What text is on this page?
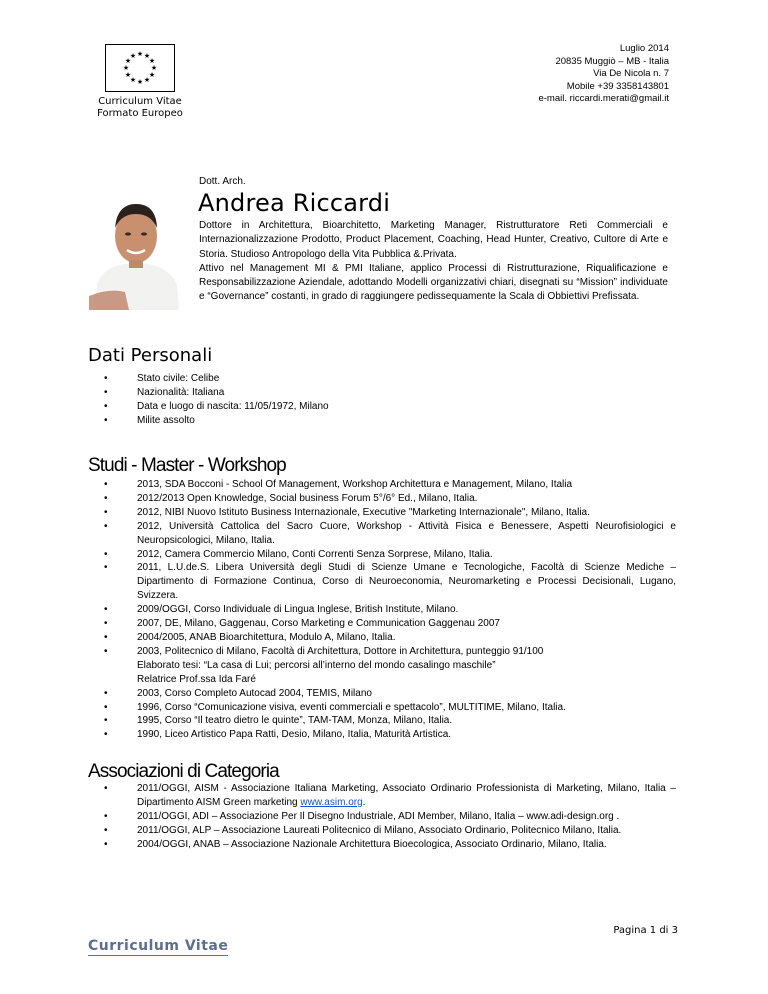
★ ★
★
★
★
★
★
★
★
★
★
★
Curriculum Vitae
Formato Europeo
Luglio 2014
20835 Muggiò – MB - Italia
Via De Nicola n. 7
Mobile +39 3358143801
e-mail. riccardi.merati@gmail.it
Dott. Arch.
Andrea Riccardi

Dottore in Architettura, Bioarchitetto, Marketing Manager, Ristrutturatore Reti Commerciali e Internazionalizzazione Prodotto, Product Placement, Coaching, Head Hunter, Creativo, Cultore di Arte e Storia. Studioso Antropologo della Vita Pubblica &.Privata.

Attivo nel Management MI & PMI Italiane, applico Processi di Ristrutturazione, Riqualificazione e Responsabilizzazione Aziendale, adottando Modelli organizzativi chiari, disegnati su “Mission” individuate e “Governance” costanti, in grado di raggiungere pedissequamente la Scala di Obbiettivi Prefissata.

Dati Personali
• Stato civile: Celibe
• Nazionalità: Italiana
• Data e luogo di nascita: 11/05/1972, Milano
• Milite assolto
Studi - Master - Workshop
• 2013, SDA Bocconi - School Of Management, Workshop Architettura e Management, Milano, Italia
• 2012/2013 Open Knowledge, Social business Forum 5°/6° Ed., Milano, Italia.
• 2012, NIBI Nuovo Istituto Business Internazionale, Executive "Marketing Internazionale", Milano, Italia.
• 2012, Università Cattolica del Sacro Cuore, Workshop - Attività Fisica e Benessere, Aspetti Neurofisiologici e Neuropsicologici, Milano, Italia.
• 2012, Camera Commercio Milano, Conti Correnti Senza Sorprese, Milano, Italia.
• 2011, L.U.de.S. Libera Università degli Studi di Scienze Umane e Tecnologiche, Facoltà di Scienze Mediche – Dipartimento di Formazione Continua, Corso di Neuroeconomia, Neuromarketing e Processi Decisionali, Lugano, Svizzera.
• 2009/OGGI, Corso Individuale di Lingua Inglese, British Institute, Milano.
• 2007, DE, Milano, Gaggenau, Corso Marketing e Communication Gaggenau 2007
• 2004/2005, ANAB Bioarchitettura, Modulo A, Milano, Italia.
• 2003, Politecnico di Milano, Facoltà di Architettura, Dottore in Architettura, punteggio 91/100
Elaborato tesi: “La casa di Lui; percorsi all’interno del mondo casalingo maschile”
Relatrice Prof.ssa Ida Faré
• 2003, Corso Completo Autocad 2004, TEMIS, Milano
• 1996, Corso “Comunicazione visiva, eventi commerciali e spettacolo”, MULTITIME, Milano, Italia.
• 1995, Corso “Il teatro dietro le quinte”, TAM-TAM, Monza, Milano, Italia.
• 1990, Liceo Artistico Papa Ratti, Desio, Milano, Italia, Maturità Artistica.
Associazioni di Categoria
• 2011/OGGI, AISM - Associazione Italiana Marketing, Associato Ordinario Professionista di Marketing, Milano, Italia – Dipartimento AISM Green marketing www.asim.org.
• 2011/OGGI, ADI – Associazione Per Il Disegno Industriale, ADI Member, Milano, Italia – www.adi-design.org .
• 2011/OGGI, ALP – Associazione Laureati Politecnico di Milano, Associato Ordinario, Politecnico Milano, Italia.
• 2004/OGGI, ANAB – Associazione Nazionale Architettura Bioecologica, Associato Ordinario, Milano, Italia.
Pagina 1 di 3
Curriculum Vitae
